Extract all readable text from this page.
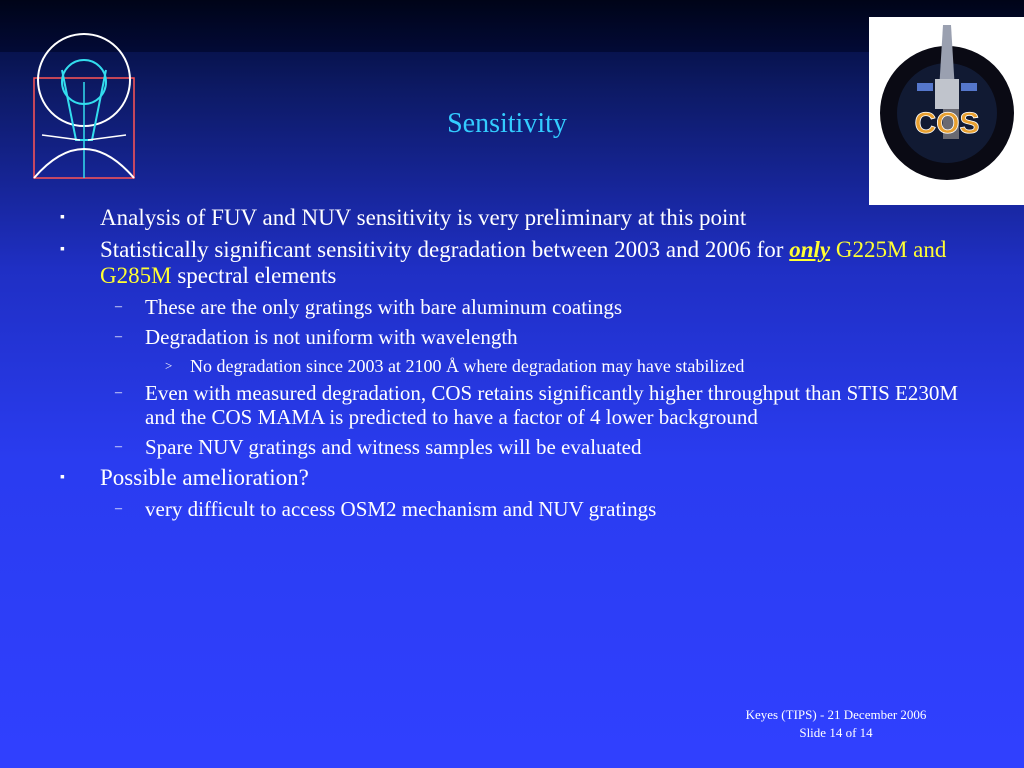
COS
Sensitivity
▪ Analysis of FUV and NUV sensitivity is very preliminary at this point
▪ Statistically significant sensitivity degradation between 2003 and 2006 for only G225M and G285M spectral elements
– These are the only gratings with bare aluminum coatings
– Degradation is not uniform with wavelength
> No degradation since 2003 at 2100 Å where degradation may have stabilized
– Even with measured degradation, COS retains significantly higher throughput than STIS E230M and the COS MAMA is predicted to have a factor of 4 lower background
– Spare NUV gratings and witness samples will be evaluated
▪ Possible amelioration?
– very difficult to access OSM2 mechanism and NUV gratings
Keyes (TIPS) - 21 December 2006
Slide 14 of 14
